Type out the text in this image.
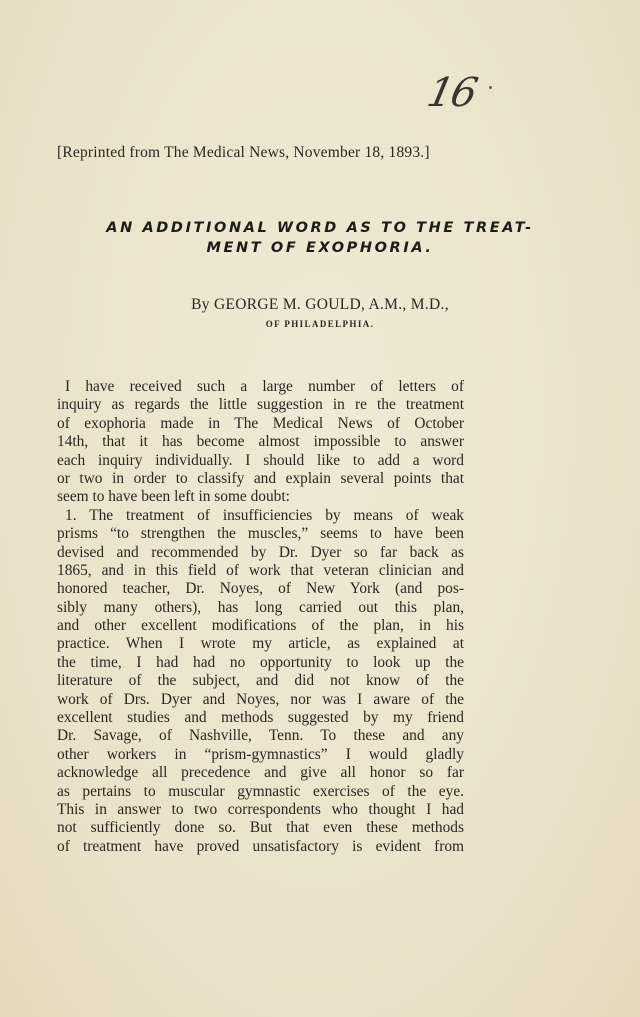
16
[Reprinted from The Medical News, November 18, 1893.]
AN ADDITIONAL WORD AS TO THE TREAT-
MENT OF EXOPHORIA.
By GEORGE M. GOULD, A.M., M.D.,
OF PHILADELPHIA.
I have received such a large number of letters of
inquiry as regards the little suggestion in re the treatment
of exophoria made in The Medical News of October
14th, that it has become almost impossible to answer
each inquiry individually. I should like to add a word
or two in order to classify and explain several points that
seem to have been left in some doubt:
1. The treatment of insufficiencies by means of weak
prisms “to strengthen the muscles,” seems to have been
devised and recommended by Dr. Dyer so far back as
1865, and in this field of work that veteran clinician and
honored teacher, Dr. Noyes, of New York (and pos-
sibly many others), has long carried out this plan,
and other excellent modifications of the plan, in his
practice. When I wrote my article, as explained at
the time, I had had no opportunity to look up the
literature of the subject, and did not know of the
work of Drs. Dyer and Noyes, nor was I aware of the
excellent studies and methods suggested by my friend
Dr. Savage, of Nashville, Tenn. To these and any
other workers in “prism-gymnastics” I would gladly
acknowledge all precedence and give all honor so far
as pertains to muscular gymnastic exercises of the eye.
This in answer to two correspondents who thought I had
not sufficiently done so. But that even these methods
of treatment have proved unsatisfactory is evident from
